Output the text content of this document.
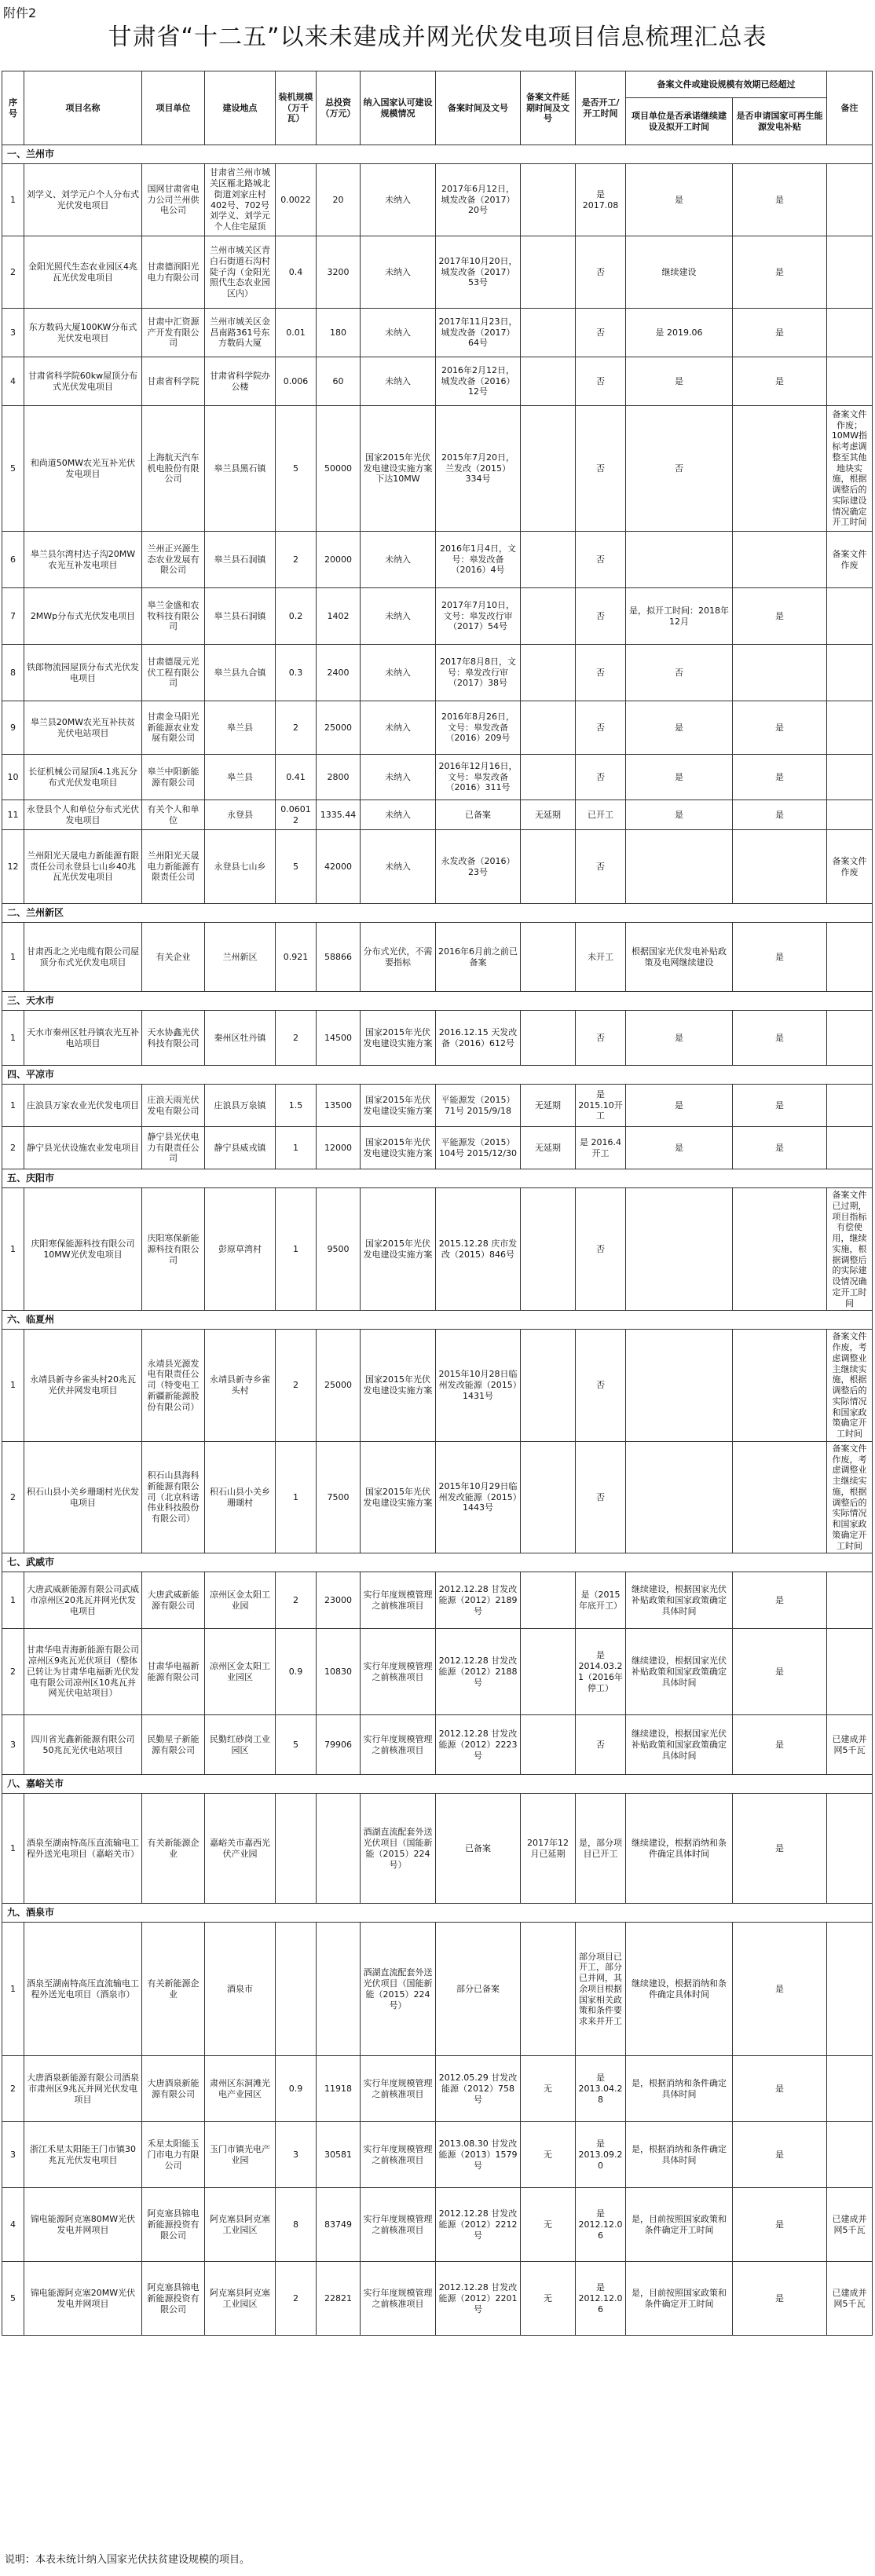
附件2
甘肃省“十二五”以来未建成并网光伏发电项目信息梳理汇总表
序号	项目名称	项目单位	建设地点	装机规模（万千瓦）	总投资（万元）	纳入国家认可建设规模情况	备案时间及文号	备案文件延期时间及文号	是否开工/开工时间	备案文件或建设规模有效期已经超过		备注
										项目单位是否承诺继续建设及拟开工时间	是否申请国家可再生能源发电补贴	
一、兰州市												
1	刘学义、刘学元户个人分布式光伏发电项目	国网甘肃省电力公司兰州供电公司	甘肃省兰州市城关区雁北路城北街道刘家庄村402号、702号刘学义、刘学元个人住宅屋顶	0.0022	20	未纳入	2017年6月12日，城发改备（2017）20号		是 2017.08	是	是	
2	金阳光照代生态农业园区4兆瓦光伏发电项目	甘肃德润阳光电力有限公司	兰州市城关区青白石街道石沟村陡子沟（金阳光照代生态农业园区内）	0.4	3200	未纳入	2017年10月20日，城发改备（2017）53号		否	继续建设	是	
3	东方数码大厦100KW分布式光伏发电项目	甘肃中汇资源产开发有限公司	兰州市城关区金昌南路361号东方数码大厦	0.01	180	未纳入	2017年11月23日，城发改备（2017）64号		否	是 2019.06	是	
4	甘肃省科学院60kw屋顶分布式光伏发电项目	甘肃省科学院	甘肃省科学院办公楼	0.006	60	未纳入	2016年2月12日，城发改备（2016）12号		否	是	是	
5	和尚道50MW农光互补光伏发电项目	上海航天汽车机电股份有限公司	皋兰县黑石镇	5	50000	国家2015年光伏发电建设实施方案下达10MW	2015年7月20日，兰发改（2015）334号		否	否		备案文件作废；10MW指标考虑调整至其他地块实施，根据调整后的实际建设情况确定开工时间
6	皋兰县尔湾村达子沟20MW农光互补发电项目	兰州正兴源生态农业发展有限公司	皋兰县石洞镇	2	20000	未纳入	2016年1月4日，文号：皋发改备（2016）4号		否			备案文件作废
7	2MWp分布式光伏发电项目	皋兰金盛和农牧科技有限公司	皋兰县石洞镇	0.2	1402	未纳入	2017年7月10日，文号：皋发改行审（2017）54号		否	是，拟开工时间：2018年12月	是	
8	铁郎物流园屋顶分布式光伏发电项目	甘肃德晟元光伏工程有限公司	皋兰县九合镇	0.3	2400	未纳入	2017年8月8日，文号：皋发改行审（2017）38号		否	否		
9	皋兰县20MW农光互补扶贫光伏电站项目	甘肃金马阳光新能源农业发展有限公司	皋兰县	2	25000	未纳入	2016年8月26日，文号：皋发改备（2016）209号		否	是	是	
10	长征机械公司屋顶4.1兆瓦分布式光伏发电项目	皋兰中阳新能源有限公司	皋兰县	0.41	2800	未纳入	2016年12月16日，文号：皋发改备（2016）311号		否	是	是	
11	永登县个人和单位分布式光伏发电项目	有关个人和单位	永登县	0.06012	1335.44	未纳入	已备案	无延期	已开工	是	是	
12	兰州阳光天晟电力新能源有限责任公司永登县七山乡40兆瓦光伏发电项目	兰州阳光天晟电力新能源有限责任公司	永登县七山乡	5	42000	未纳入	永发改备（2016）23号		否			备案文件作废
二、兰州新区												
1	甘肃西北之光电缆有限公司屋顶分布式光伏发电项目	有关企业	兰州新区	0.921	58866	分布式光伏，不需要指标	2016年6月前之前已备案		未开工	根据国家光伏发电补贴政策及电网继续建设	是	
三、天水市												
1	天水市秦州区牡丹镇农光互补电站项目	天水协鑫光伏科技有限公司	秦州区牡丹镇	2	14500	国家2015年光伏发电建设实施方案	2016.12.15 天发改备（2016）612号		否	是	是	
四、平凉市												
1	庄浪县万家农业光伏发电项目	庄浪天雨光伏发电有限公司	庄浪县万泉镇	1.5	13500	国家2015年光伏发电建设实施方案	平能源发（2015）71号 2015/9/18	无延期	是 2015.10开工	是	是	
2	静宁县光伏设施农业发电项目	静宁县光伏电力有限责任公司	静宁县威戎镇	1	12000	国家2015年光伏发电建设实施方案	平能源发（2015）104号 2015/12/30	无延期	是 2016.4开工	是	是	
五、庆阳市												
1	庆阳寒保能源科技有限公司10MW光伏发电项目	庆阳寒保新能源科技有限公司	彭原草湾村	1	9500	国家2015年光伏发电建设实施方案	2015.12.28 庆市发改（2015）846号		否			备案文件已过期，项目指标有偿使用，继续实施，根据调整后的实际建设情况确定开工时间
六、临夏州												
1	永靖县新寺乡雀头村20兆瓦光伏并网发电项目	永靖县光源发电有限责任公司（特变电工新疆新能源股份有限公司）	永靖县新寺乡雀头村	2	25000	国家2015年光伏发电建设实施方案	2015年10月28日临州发改能源（2015）1431号		否			备案文件作废，考虑调整业主继续实施，根据调整后的实际情况和国家政策确定开工时间
2	积石山县小关乡珊瑚村光伏发电项目	积石山县海科新能源有限公司（北京科诺伟业科技股份有限公司）	积石山县小关乡珊瑚村	1	7500	国家2015年光伏发电建设实施方案	2015年10月29日临州发改能源（2015）1443号		否			备案文件作废，考虑调整业主继续实施，根据调整后的实际情况和国家政策确定开工时间
七、武威市												
1	大唐武威新能源有限公司武威市凉州区20兆瓦并网光伏发电项目	大唐武威新能源有限公司	凉州区金太阳工业园	2	23000	实行年度规模管理之前核准项目	2012.12.28 甘发改能源（2012）2189号		是（2015年底开工）	继续建设，根据国家光伏补贴政策和国家政策确定具体时间	是	
2	甘肃华电青海新能源有限公司凉州区9兆瓦光伏项目（整体已转让为甘肃华电福新光伏发电有限公司凉州区10兆瓦并网光伏电站项目）	甘肃华电福新能源有限公司	凉州区金太阳工业园区	0.9	10830	实行年度规模管理之前核准项目	2012.12.28 甘发改能源（2012）2188号		是 2014.03.21（2016年停工）	继续建设，根据国家光伏补贴政策和国家政策确定具体时间	是	
3	四川省光鑫新能源有限公司50兆瓦光伏电站项目	民勤星子新能源有限公司	民勤红砂岗工业园区	5	79906	实行年度规模管理之前核准项目	2012.12.28 甘发改能源（2012）2223号		否	继续建设，根据国家光伏补贴政策和国家政策确定具体时间	是	已建成并网5千瓦
八、嘉峪关市												
1	酒泉至湖南特高压直流输电工程外送光电项目（嘉峪关市）	有关新能源企业	嘉峪关市嘉西光伏产业园			酒湖直流配套外送光伏项目（国能新能（2015）224号）	已备案	2017年12月已延期	是，部分项目已开工	继续建设，根据消纳和条件确定具体时间	是	
九、酒泉市												
1	酒泉至湖南特高压直流输电工程外送光电项目（酒泉市）	有关新能源企业	酒泉市			酒湖直流配套外送光伏项目（国能新能（2015）224号）	部分已备案		部分项目已开工，部分已并网，其余项目根据国家相关政策和条件要求来并开工	继续建设，根据消纳和条件确定具体时间	是	
2	大唐酒泉新能源有限公司酒泉市肃州区9兆瓦并网光伏发电项目	大唐酒泉新能源有限公司	肃州区东洞滩光电产业园区	0.9	11918	实行年度规模管理之前核准项目	2012.05.29 甘发改能源（2012）758号	无	是2013.04.28	是，根据消纳和条件确定具体时间	是	
3	浙江禾星太阳能王门市镇30兆瓦光伏发电项目	禾星太阳能玉门市电力有限公司	玉门市镇光电产业园	3	30581	实行年度规模管理之前核准项目	2013.08.30 甘发改能源（2013）1579号	无	是2013.09.20	是，根据消纳和条件确定具体时间	是	
4	锦电能源阿克塞80MW光伏发电并网项目	阿克塞县锦电新能源投资有限公司	阿克塞县阿克塞工业园区	8	83749	实行年度规模管理之前核准项目	2012.12.28 甘发改能源（2012）2212号	无	是2012.12.06	是，目前按照国家政策和条件确定开工时间	是	已建成并网5千瓦
5	锦电能源阿克塞20MW光伏发电并网项目	阿克塞县锦电新能源投资有限公司	阿克塞县阿克塞工业园区	2	22821	实行年度规模管理之前核准项目	2012.12.28 甘发改能源（2012）2201号	无	是2012.12.06	是，目前按照国家政策和条件确定开工时间	是	已建成并网5千瓦
说明：本表未统计纳入国家光伏扶贫建设规模的项目。
